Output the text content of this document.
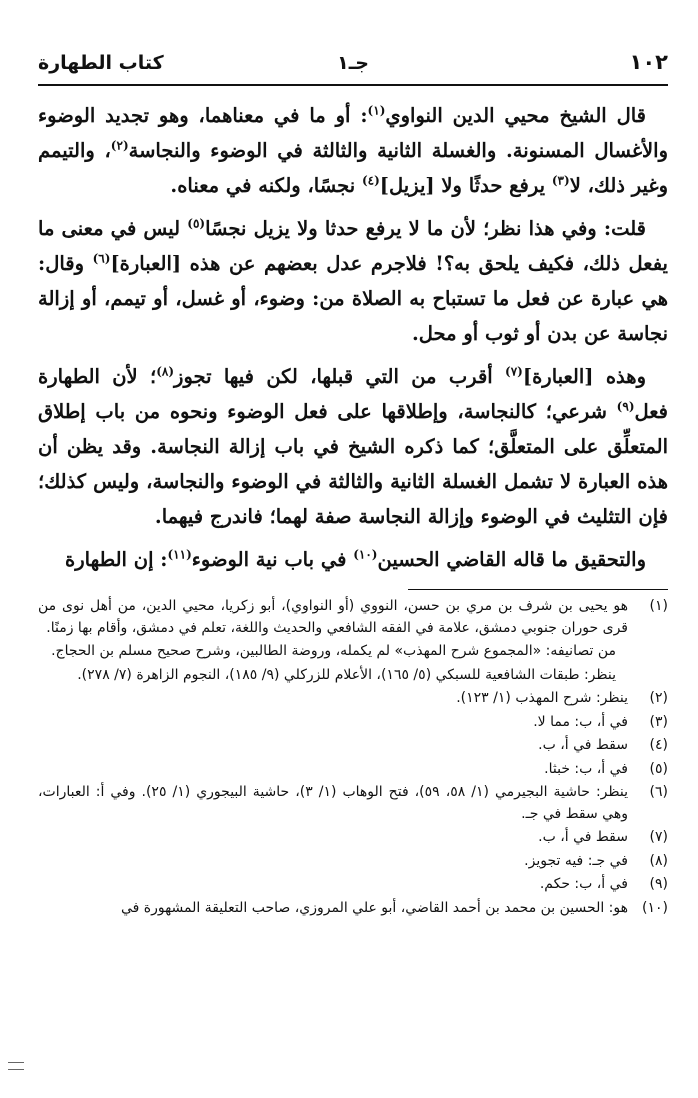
١٠٢
جـ١
كتاب الطهارة

قال الشيخ محيي الدين النواوي$^{(١)}$: أو ما في معناهما، وهو تجديد الوضوء والأغسال المسنونة. والغسلة الثانية والثالثة في الوضوء والنجاسة$^{(٢)}$، والتيمم وغير ذلك، لا$^{(٣)}$ يرفع حدثًا ولا [يزيل]$^{(٤)}$ نجسًا، ولكنه في معناه.

قلت: وفي هذا نظر؛ لأن ما لا يرفع حدثا ولا يزيل نجسًا$^{(٥)}$ ليس في معنى ما يفعل ذلك، فكيف يلحق به؟! فلاجرم عدل بعضهم عن هذه [العبارة]$^{(٦)}$ وقال: هي عبارة عن فعل ما تستباح به الصلاة من: وضوء، أو غسل، أو تيمم، أو إزالة نجاسة عن بدن أو ثوب أو محل.

وهذه [العبارة]$^{(٧)}$ أقرب من التي قبلها، لكن فيها تجوز$^{(٨)}$؛ لأن الطهارة فعل$^{(٩)}$ شرعي؛ كالنجاسة، وإطلاقها على فعل الوضوء ونحوه من باب إطلاق المتعلِّق على المتعلَّق؛ كما ذكره الشيخ في باب إزالة النجاسة. وقد يظن أن هذه العبارة لا تشمل الغسلة الثانية والثالثة في الوضوء والنجاسة، وليس كذلك؛ فإن التثليث في الوضوء وإزالة النجاسة صفة لهما؛ فاندرج فيهما.

والتحقيق ما قاله القاضي الحسين$^{(١٠)}$ في باب نية الوضوء$^{(١١)}$: إن الطهارة

(١)
هو يحيى بن شرف بن مري بن حسن، النووي (أو النواوي)، أبو زكريا، محيي الدين، من أهل نوى من قرى حوران جنوبي دمشق، علامة في الفقه الشافعي والحديث واللغة، تعلم في دمشق، وأقام بها زمنًا.
من تصانيفه: «المجموع شرح المهذب» لم يكمله، وروضة الطالبين، وشرح صحيح مسلم بن الحجاج.
ينظر: طبقات الشافعية للسبكي (٥/ ١٦٥)، الأعلام للزركلي (٩/ ١٨٥)، النجوم الزاهرة (٧/ ٢٧٨).
(٢)
ينظر: شرح المهذب (١/ ١٢٣).
(٣)
في أ، ب: مما لا.
(٤)
سقط في أ، ب.
(٥)
في أ، ب: خبثا.
(٦)
ينظر: حاشية البجيرمي (١/ ٥٨، ٥٩)، فتح الوهاب (١/ ٣)، حاشية البيجوري (١/ ٢٥). وفي أ: العبارات، وهي سقط في جـ.
(٧)
سقط في أ، ب.
(٨)
في جـ: فيه تجويز.
(٩)
في أ، ب: حكم.
(١٠)
هو: الحسين بن محمد بن أحمد القاضي، أبو علي المروزي، صاحب التعليقة المشهورة في
